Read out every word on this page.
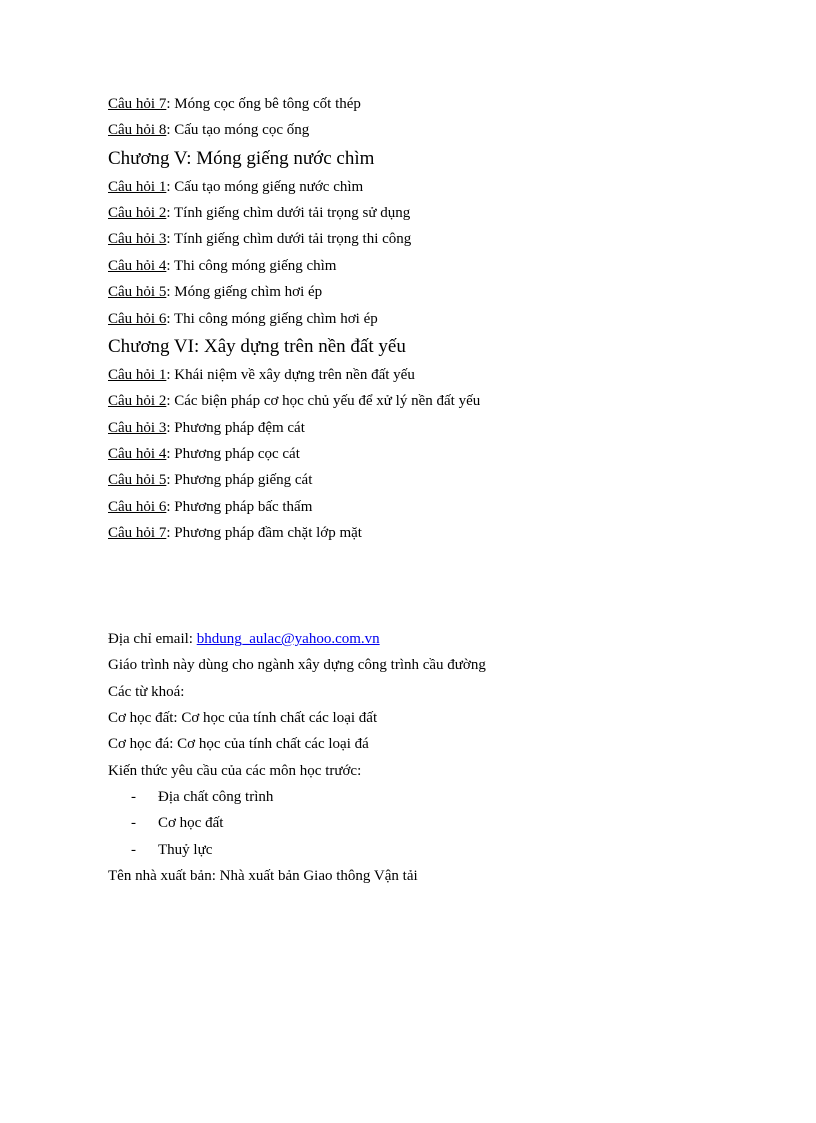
Câu hỏi 7: Móng cọc ống bê tông cốt thép
Câu hỏi 8: Cấu tạo móng cọc ống
Chương V: Móng giếng nước chìm
Câu hỏi 1: Cấu tạo móng giếng nước chìm
Câu hỏi 2: Tính giếng chìm dưới tải trọng sử dụng
Câu hỏi 3: Tính giếng chìm dưới tải trọng thi công
Câu hỏi 4: Thi công móng giếng chìm
Câu hỏi 5: Móng giếng chìm hơi ép
Câu hỏi 6: Thi công móng giếng chìm hơi ép
Chương VI: Xây dựng trên nền đất yếu
Câu hỏi 1: Khái niệm về xây dựng trên nền đất yếu
Câu hỏi 2: Các biện pháp cơ học chủ yếu để xử lý nền đất yếu
Câu hỏi 3: Phương pháp đệm cát
Câu hỏi 4: Phương pháp cọc cát
Câu hỏi 5: Phương pháp giếng cát
Câu hỏi 6: Phương pháp bấc thấm
Câu hỏi 7: Phương pháp đầm chặt lớp mặt
Địa chỉ email: bhdung_aulac@yahoo.com.vn
Giáo trình này dùng cho ngành xây dựng công trình cầu đường
Các từ khoá:
Cơ học đất: Cơ học của tính chất các loại đất
Cơ học đá: Cơ học của tính chất các loại đá
Kiến thức yêu cầu của các môn học trước:
- Địa chất công trình
- Cơ học đất
- Thuỷ lực
Tên nhà xuất bản: Nhà xuất bản Giao thông Vận tải
